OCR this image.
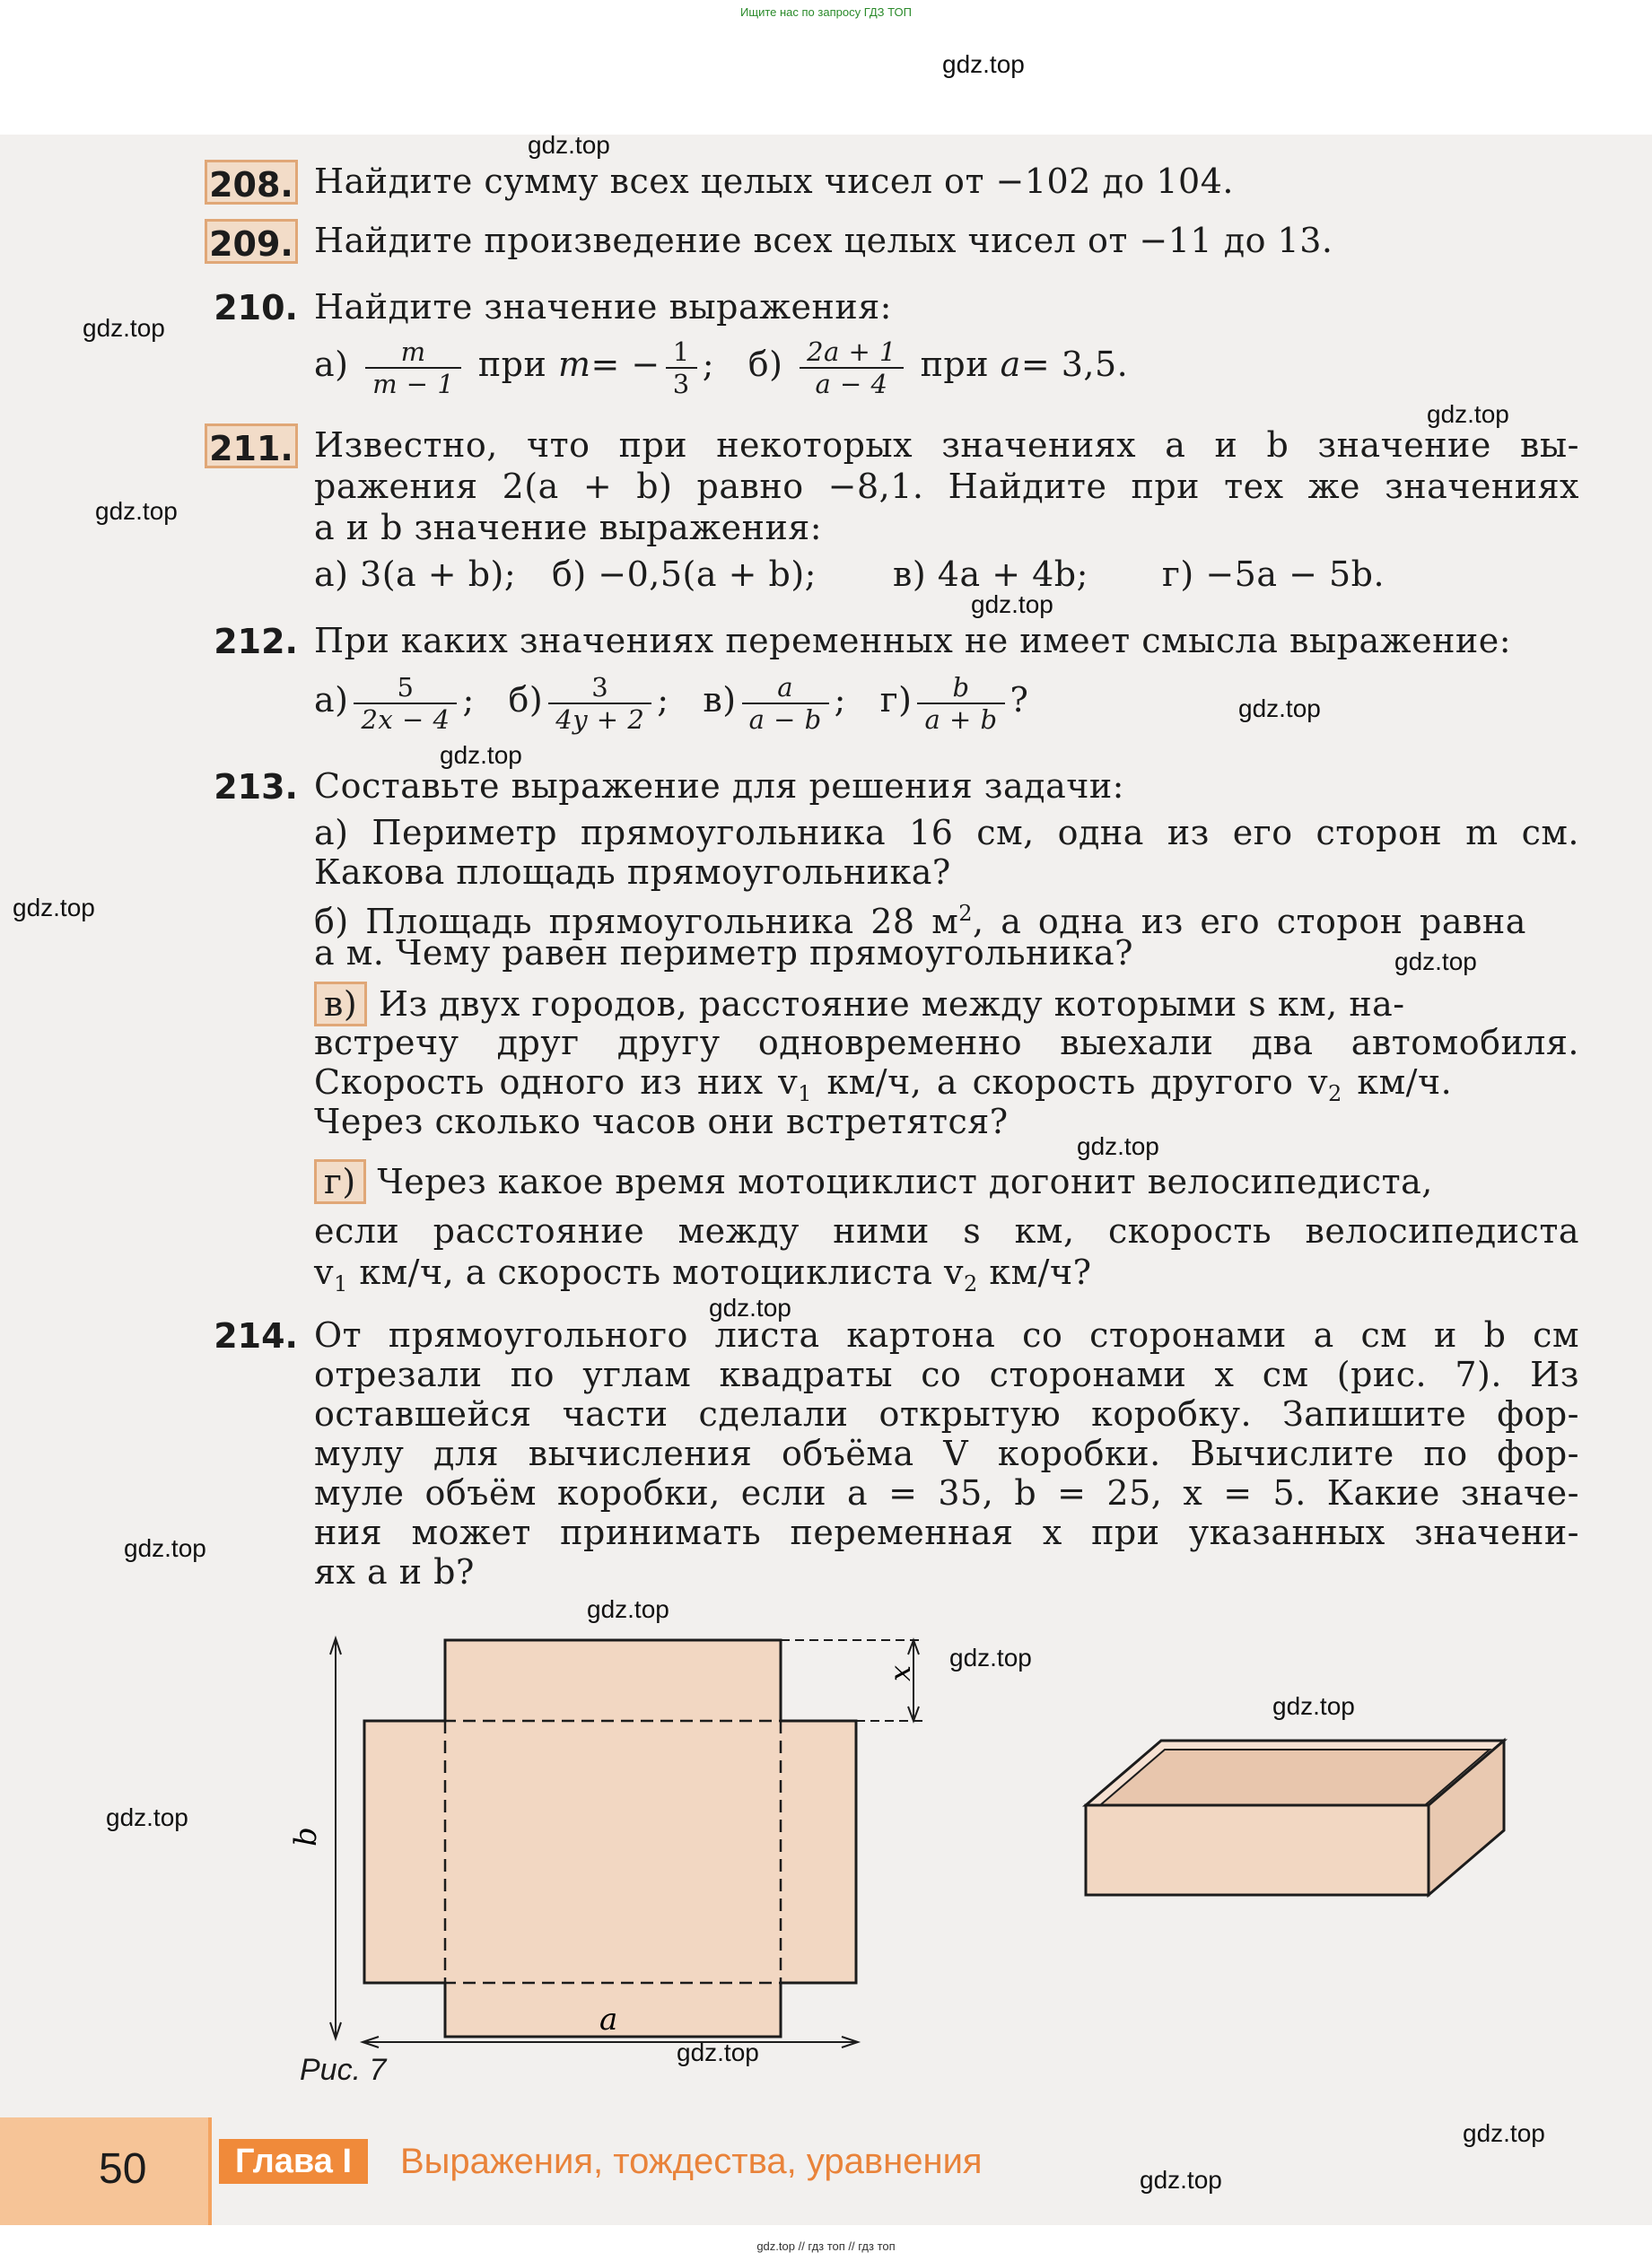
Ищите нас по запросу ГДЗ ТОП
208. Найдите сумму всех целых чисел от −102 до 104.
209. Найдите произведение всех целых чисел от −11 до 13.
210. Найдите значение выражения:
$а) \frac{m}{m - 1}$ при $m= - \frac{1}{3}$ ; $б) \frac{2a + 1}{a - 4}$ при a= 3,5.
211. Известно, что при некоторых значениях a и b значение вы-
ражения 2(a + b) равно −8,1. Найдите при тех же значениях
a и b значение выражения:
а) 3(a + b); б) −0,5(a + b); в) 4a + 4b; г) −5a − 5b.
212. При каких значениях переменных не имеет смысла выражение:
$а) \frac{5}{2x - 4}$ ; $б) \frac{3}{4y + 2}$ ; $в) \frac{a}{a - b}$ ; $г) \frac{b}{a + b}$ ?
213. Составьте выражение для решения задачи:
а) Периметр прямоугольника 16 см, одна из его сторон m см.
Какова площадь прямоугольника?
б) Площадь прямоугольника 28 $м^2$, а одна из его сторон равна
a м. Чему равен периметр прямоугольника?
в) Из двух городов, расстояние между которыми s км, на-
встречу друг другу одновременно выехали два автомобиля.
Скорость одного из них $v_1$ км/ч, а скорость другого $v_2$ км/ч.
Через сколько часов они встретятся?
г) Через какое время мотоциклист догонит велосипедиста,
если расстояние между ними s км, скорость велосипедиста
$v_1$ км/ч, а скорость мотоциклиста $v_2$ км/ч?
214. От прямоугольного листа картона со сторонами a см и b см
отрезали по углам квадраты со сторонами x см (рис. 7). Из
оставшейся части сделали открытую коробку. Запишите фор-
мулу для вычисления объёма V коробки. Вычислите по фор-
муле объём коробки, если a = 35, b = 25, x = 5. Какие значе-
ния может принимать переменная x при указанных значени-
ях a и b?
b
a
x
Рис. 7
50	Глава I	Выражения, тождества, уравнения
gdz.top // гдз топ // гдз топ
gdz.top
gdz.top
gdz.top
gdz.top
gdz.top
gdz.top
gdz.top
gdz.top
gdz.top
gdz.top
gdz.top
gdz.top
gdz.top
gdz.top
gdz.top
gdz.top
gdz.top
gdz.top
gdz.top
gdz.top
